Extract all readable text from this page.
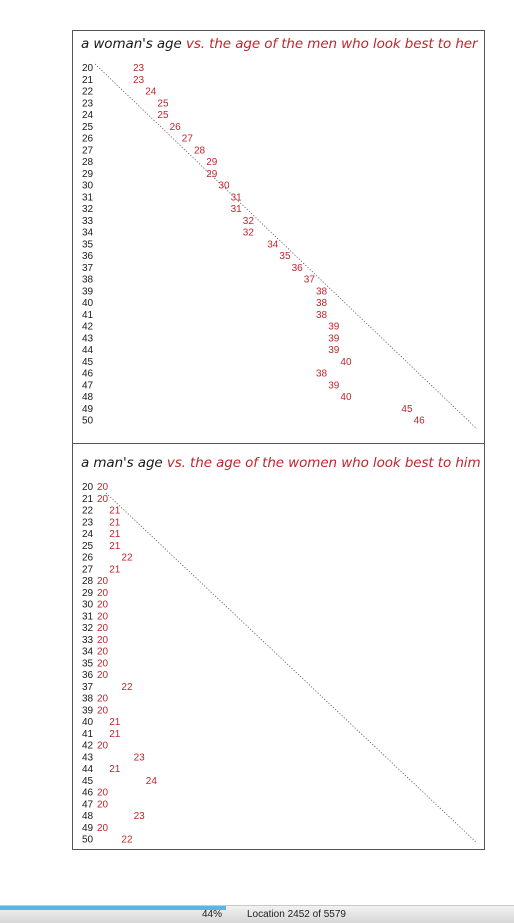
a woman's age vs. the age of the men who look best to her
a man's age vs. the age of the women who look best to him
20	23
21	23
22	24
23	25
24	25
25	26
26	27
27	28
28	29
29	29
30	30
31	31
32	31
33	32
34	32
35	34
36	35
37	36
38	37
39	38
40	38
41	38
42	39
43	39
44	39
45	40
46	38
47	39
48	40
49	45
50	46
20 20
21 20
22 21
23 21
24 21
25 21
26	22
27 21
28 20
29 20
30 20
31 20
32 20
33 20
34 20
35 20
36 20
37	22
38 20
39 20
40 21
41 21
42 20
43	23
44 21
45	24
46 20
47 20
48	23
49 20
50	22
44% Location 2452 of 5579
